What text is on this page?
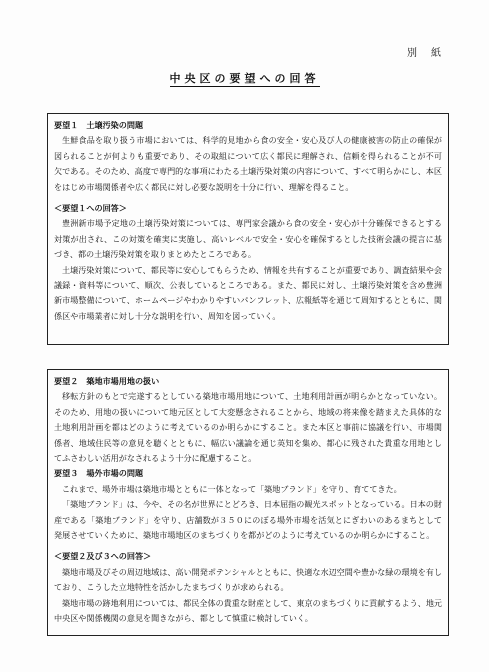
別　紙
中央区の要望への回答

要望１　土壌汚染の問題

生鮮食品を取り扱う市場においては、科学的見地から食の安全・安心及び人の健康被害の防止の確保が図られることが何よりも重要であり、その取組について広く都民に理解され、信頼を得られることが不可欠である。そのため、高度で専門的な事項にわたる土壌汚染対策の内容について、すべて明らかにし、本区をはじめ市場関係者や広く都民に対し必要な説明を十分に行い、理解を得ること。

＜要望１への回答＞

豊洲新市場予定地の土壌汚染対策については、専門家会議から食の安全・安心が十分確保できるとする対策が出され、この対策を確実に実施し、高いレベルで安全・安心を確保するとした技術会議の提言に基づき、都の土壌汚染対策を取りまとめたところである。

土壌汚染対策について、都民等に安心してもらうため、情報を共有することが重要であり、調査結果や会議録・資料等について、順次、公表しているところである。また、都民に対し、土壌汚染対策を含め豊洲新市場整備について、ホームページやわかりやすいパンフレット、広報紙等を通じて周知するとともに、関係区や市場業者に対し十分な説明を行い、周知を図っていく。

要望２　築地市場用地の扱い

移転方針のもとで完遂するとしている築地市場用地について、土地利用計画が明らかとなっていない。そのため、用地の扱いについて地元区として大変懸念されることから、地域の将来像を踏まえた具体的な土地利用計画を都はどのように考えているのか明らかにすること。また本区と事前に協議を行い、市場関係者、地域住民等の意見を聴くとともに、幅広い議論を通じ英知を集め、都心に残された貴重な用地としてふさわしい活用がなされるよう十分に配慮すること。

要望３　場外市場の問題

これまで、場外市場は築地市場とともに一体となって「築地ブランド」を守り、育ててきた。

「築地ブランド」は、今や、その名が世界にとどろき、日本屈指の観光スポットとなっている。日本の財産である「築地ブランド」を守り、店舗数が３５０にのぼる場外市場を活気とにぎわいのあるまちとして発展させていくために、築地市場地区のまちづくりを都がどのように考えているのか明らかにすること。

＜要望２及び３への回答＞

築地市場及びその周辺地域は、高い開発ポテンシャルとともに、快適な水辺空間や豊かな緑の環境を有しており、こうした立地特性を活かしたまちづくりが求められる。

築地市場の跡地利用については、都民全体の貴重な財産として、東京のまちづくりに貢献するよう、地元中央区や関係機関の意見を聞きながら、都として慎重に検討していく。
